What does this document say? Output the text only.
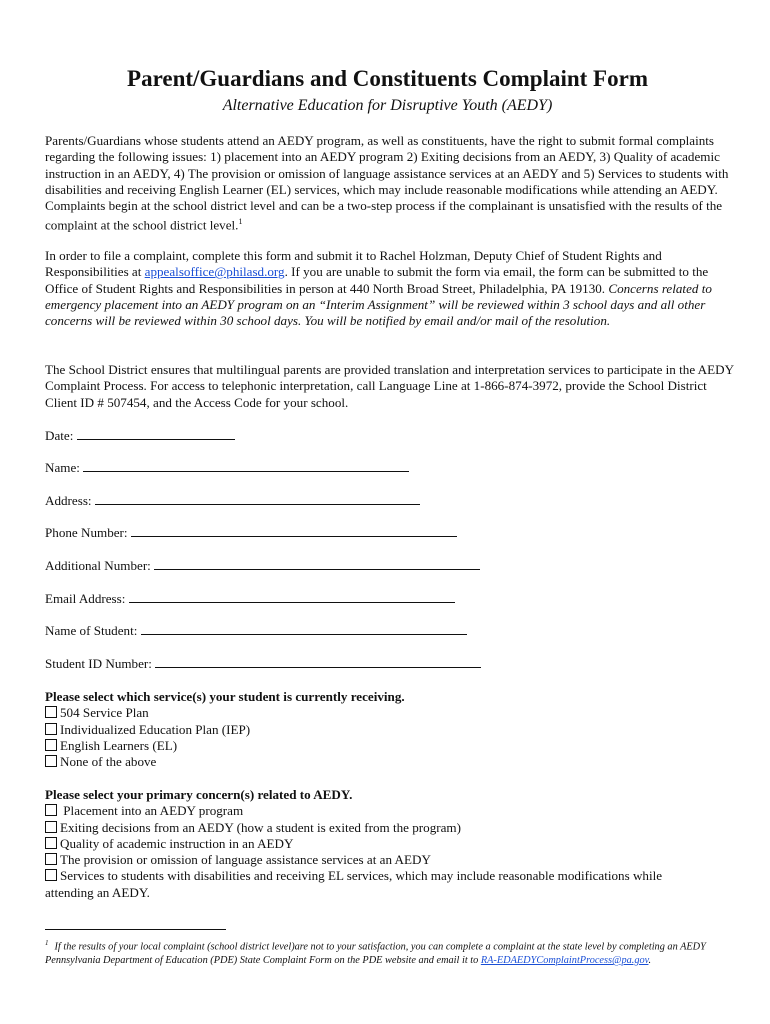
Parent/Guardians and Constituents Complaint Form
Alternative Education for Disruptive Youth (AEDY)
Parents/Guardians whose students attend an AEDY program, as well as constituents, have the right to submit formal complaints regarding the following issues: 1) placement into an AEDY program 2) Exiting decisions from an AEDY, 3) Quality of academic instruction in an AEDY, 4) The provision or omission of language assistance services at an AEDY and 5) Services to students with disabilities and receiving English Learner (EL) services, which may include reasonable modifications while attending an AEDY. Complaints begin at the school district level and can be a two-step process if the complainant is unsatisfied with the results of the complaint at the school district level.$^1$
In order to file a complaint, complete this form and submit it to Rachel Holzman, Deputy Chief of Student Rights and Responsibilities at appealsoffice@philasd.org. If you are unable to submit the form via email, the form can be submitted to the Office of Student Rights and Responsibilities in person at 440 North Broad Street, Philadelphia, PA 19130. Concerns related to emergency placement into an AEDY program on an “Interim Assignment” will be reviewed within 3 school days and all other concerns will be reviewed within 30 school days. You will be notified by email and/or mail of the resolution.
The School District ensures that multilingual parents are provided translation and interpretation services to participate in the AEDY Complaint Process. For access to telephonic interpretation, call Language Line at 1-866-874-3972, provide the School District Client ID # 507454, and the Access Code for your school.
Date:
Name:
Address:
Phone Number:
Additional Number:
Email Address:
Name of Student:
Student ID Number:
Please select which service(s) your student is currently receiving.
504 Service Plan
Individualized Education Plan (IEP)
English Learners (EL)
None of the above
Please select your primary concern(s) related to AEDY.
Placement into an AEDY program
Exiting decisions from an AEDY (how a student is exited from the program)
Quality of academic instruction in an AEDY
The provision or omission of language assistance services at an AEDY
Services to students with disabilities and receiving EL services, which may include reasonable modifications while
attending an AEDY.
$^1$ If the results of your local complaint (school district level)are not to your satisfaction, you can complete a complaint at the state level by completing an AEDY Pennsylvania Department of Education (PDE) State Complaint Form on the PDE website and email it to RA-EDAEDYComplaintProcess@pa.gov.
